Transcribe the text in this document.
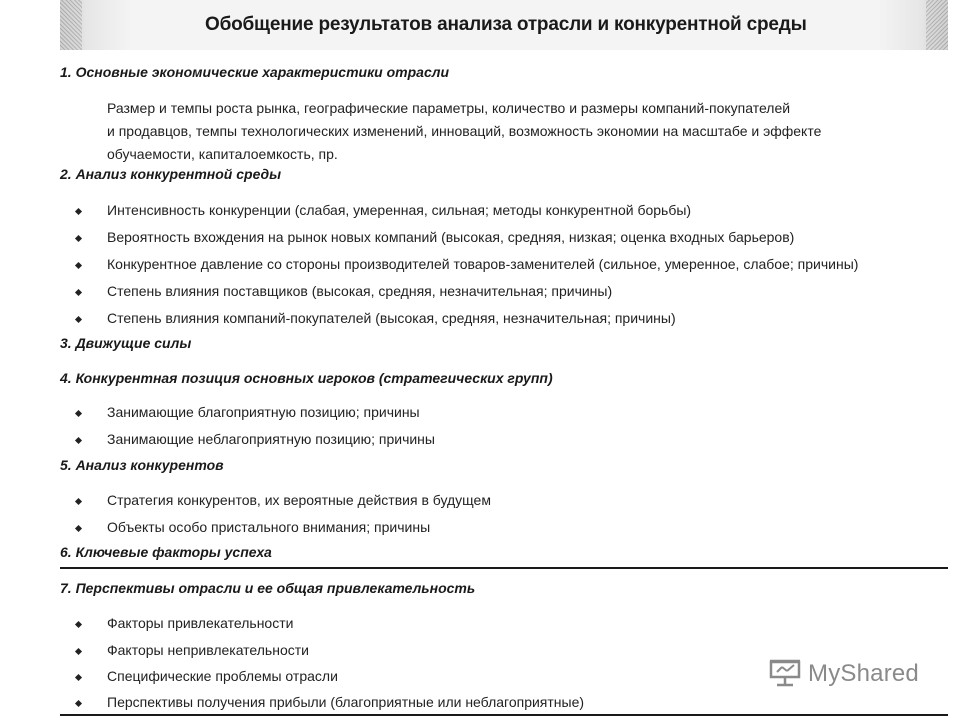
Обобщение результатов анализа отрасли и конкурентной среды
1. Основные экономические характеристики отрасли
Размер и темпы роста рынка, географические параметры, количество и размеры компаний-покупателей
и продавцов, темпы технологических изменений, инноваций, возможность экономии на масштабе и эффекте
обучаемости, капиталоемкость, пр.
2. Анализ конкурентной среды
Интенсивность конкуренции (слабая, умеренная, сильная; методы конкурентной борьбы)
Вероятность вхождения на рынок новых компаний (высокая, средняя, низкая; оценка входных барьеров)
Конкурентное давление со стороны производителей товаров-заменителей (сильное, умеренное, слабое; причины)
Степень влияния поставщиков (высокая, средняя, незначительная; причины)
Степень влияния компаний-покупателей (высокая, средняя, незначительная; причины)
3. Движущие силы
4. Конкурентная позиция основных игроков (стратегических групп)
Занимающие благоприятную позицию; причины
Занимающие неблагоприятную позицию; причины
5. Анализ конкурентов
Стратегия конкурентов, их вероятные действия в будущем
Объекты особо пристального внимания; причины
6. Ключевые факторы успеха
7. Перспективы отрасли и ее общая привлекательность
Факторы привлекательности
Факторы непривлекательности
Специфические проблемы отрасли
Перспективы получения прибыли (благоприятные или неблагоприятные)
MyShared
